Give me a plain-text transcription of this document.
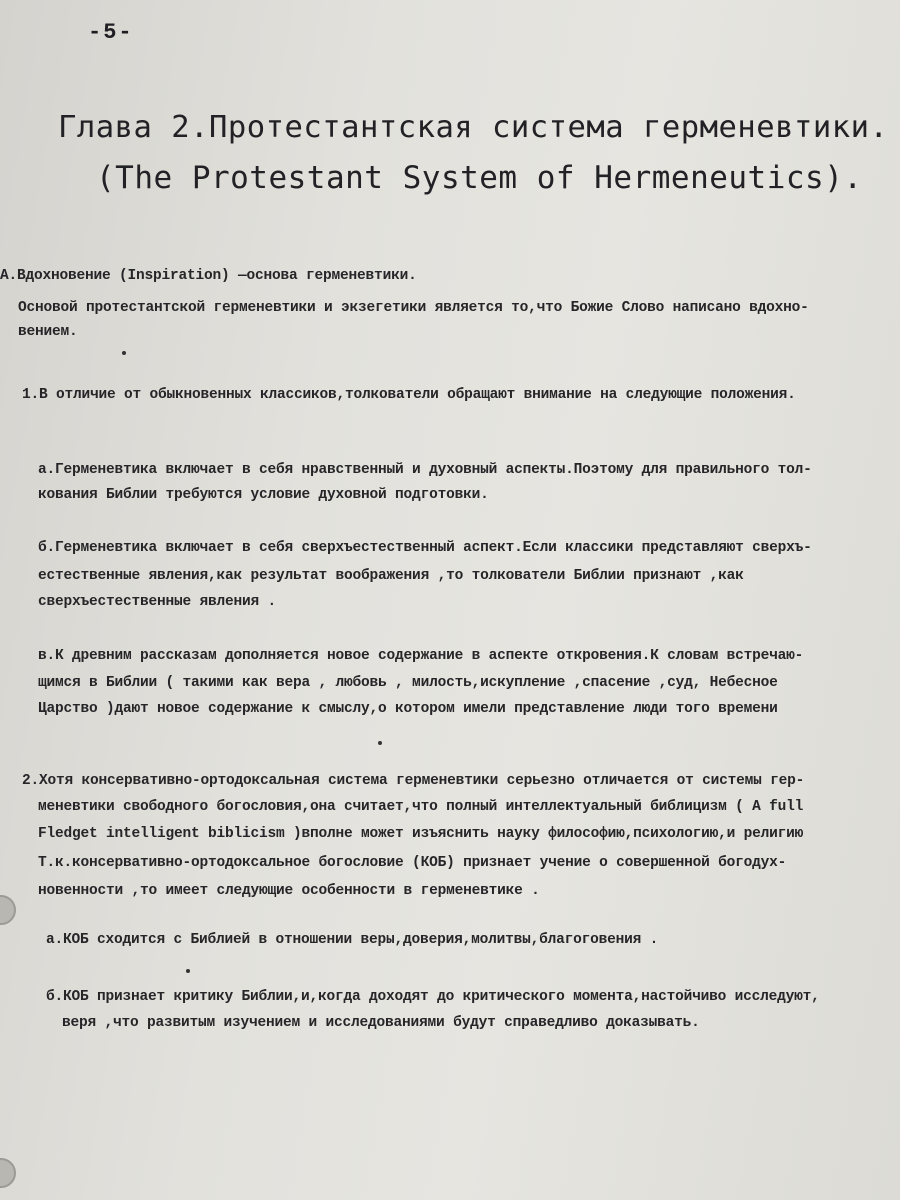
-5-
Глава 2.Протестантская система герменевтики.
(The Protestant System of Hermeneutics).
A.Вдохновение (Inspiration) —основа герменевтики.
Основой протестантской герменевтики и экзегетики является то,что Божие Слово написано вдохно-
вением.
1.В отличие от обыкновенных классиков,толкователи обращают внимание на следующие положения.
а.Герменевтика включает в себя нравственный и духовный аспекты.Поэтому для правильного тол-
кования Библии требуются условие духовной подготовки.
б.Герменевтика включает в себя сверхъестественный аспект.Если классики представляют сверхъ-
естественные явления,как результат воображения ,то толкователи Библии признают ,как
сверхъестественные явления .
в.К древним рассказам дополняется новое содержание в аспекте откровения.К словам встречаю-
щимся в Библии ( такими как вера , любовь , милость,искупление ,спасение ,суд, Небесное
Царство )дают новое содержание к смыслу,о котором имели представление люди того времени
2.Хотя консервативно-ортодоксальная система герменевтики серьезно отличается от системы гер-
меневтики свободного богословия,она считает,что полный интеллектуальный библицизм ( A full
Fledget intelligent biblicism )вполне может изъяснить науку философию,психологию,и религию
Т.к.консервативно-ортодоксальное богословие (КОБ) признает учение о совершенной богодух-
новенности ,то имеет следующие особенности в герменевтике .
а.КОБ сходится с Библией в отношении веры,доверия,молитвы,благоговения .
б.КОБ признает критику Библии,и,когда доходят до критического момента,настойчиво исследуют,
веря ,что развитым изучением и исследованиями будут справедливо доказывать.
